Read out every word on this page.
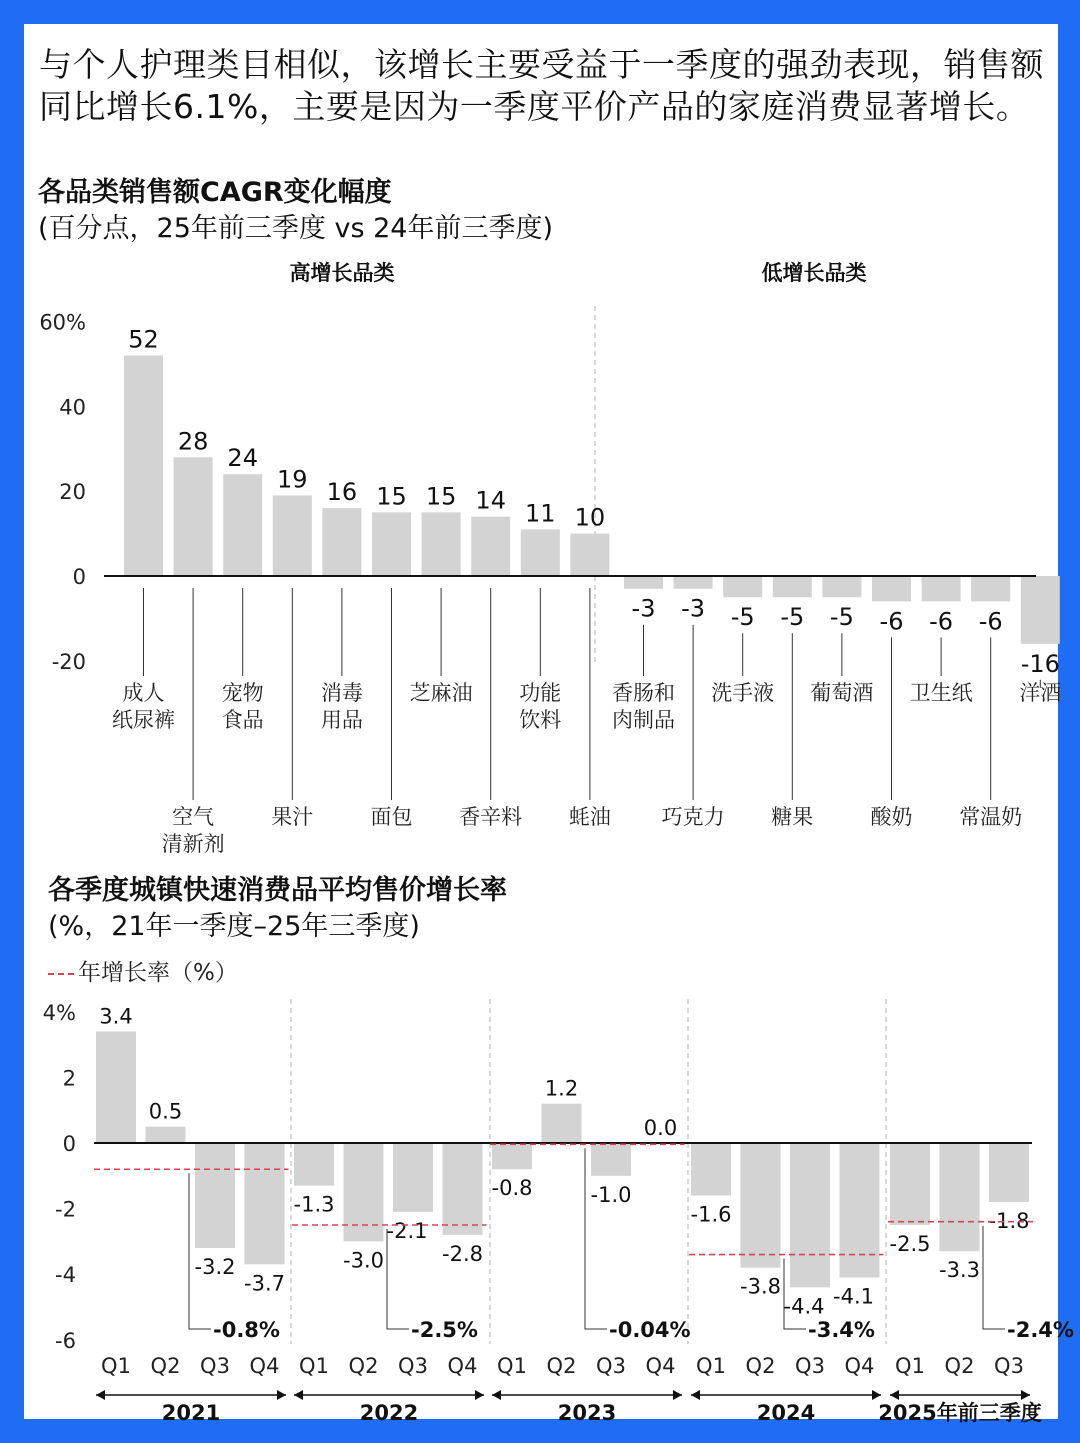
与个人护理类目相似，该增长主要受益于一季度的强劲表现，销售额同比增长6.1%，主要是因为一季度平价产品的家庭消费显著增长。
各品类销售额CAGR变化幅度
(百分点，25年前三季度 vs 24年前三季度)
各季度城镇快速消费品平均售价增长率
(%，21年一季度–25年三季度)
年增长率（%）
高增长品类	低增长品类
60%
40
20
0
-20
52
成人
纸尿裤
28
空气
清新剂
24
宠物
食品
19
果汁
16
消毒
用品
15
面包
15
芝麻油
14
香辛料
11
功能
饮料
10
蚝油
-3
香肠和
肉制品
-3
巧克力
-5
洗手液
-5
糖果
-5
葡萄酒
-6
酸奶
-6
卫生纸
-6
常温奶
-16
洋酒
4%
2
0
-2
-4
-6
3.4
Q1
0.5
Q2
-3.2
Q3
-3.7
Q4
-1.3
Q1
-3.0
Q2
-2.1
Q3
-2.8
Q4
-0.8
Q1
1.2
Q2
-1.0
Q3
0.0
Q4
-1.6
Q1
-3.8
Q2
-4.4
Q3
-4.1
Q4
-2.5
Q1
-3.3
Q2
-1.8
Q3
-0.8%	-2.5%	-0.04%	-3.4%	-2.4%
2021	2022	2023	2024	2025年前三季度
